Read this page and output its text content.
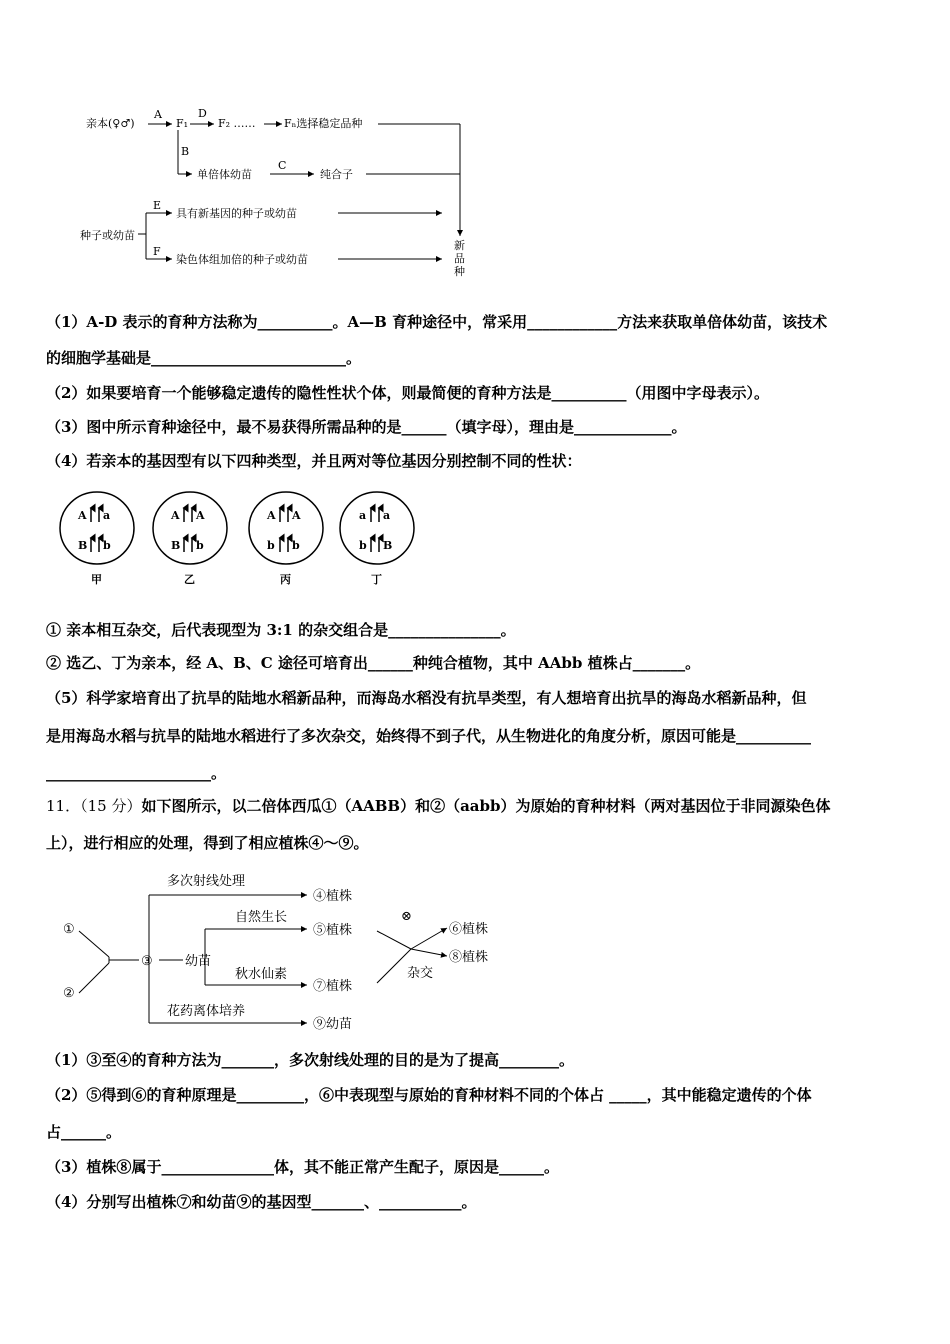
亲本(♀♂)
A
F₁
D
F₂ ……	Fₙ选择稳定品种
B
单倍体幼苗
C
纯合子
种子或幼苗
E
F
具有新基因的种子或幼苗
染色体组加倍的种子或幼苗
新
品
种
（1）A-D 表示的育种方法称为__________。A—B 育种途径中，常采用____________方法来获取单倍体幼苗，该技术
的细胞学基础是__________________________。
（2）如果要培育一个能够稳定遗传的隐性性状个体，则最简便的育种方法是__________（用图中字母表示）。
（3）图中所示育种途径中，最不易获得所需品种的是______（填字母），理由是_____________。
（4）若亲本的基因型有以下四种类型，并且两对等位基因分别控制不同的性状：
A a
B b
甲
A A
B b
乙
A A
b b
丙
a a
b B
丁
① 亲本相互杂交，后代表现型为 3:1 的杂交组合是_______________。
② 选乙、丁为亲本，经 A、B、C 途径可培育出______种纯合植物，其中 AAbb 植株占_______。
（5）科学家培育出了抗旱的陆地水稻新品种，而海岛水稻没有抗旱类型，有人想培育出抗旱的海岛水稻新品种，但
是用海岛水稻与抗旱的陆地水稻进行了多次杂交，始终得不到子代，从生物进化的角度分析，原因可能是__________
______________________。
11．（15 分）如下图所示，以二倍体西瓜①（AABB）和②（aabb）为原始的育种材料（两对基因位于非同源染色体
上），进行相应的处理，得到了相应植株④～⑨。
①
②
③ 幼苗
多次射线处理
④植株
花药离体培养
⑨幼苗
自然生长
⑤植株
秋水仙素
⑦植株
⊗
杂交
⑥植株
⑧植株
（1）③至④的育种方法为_______，多次射线处理的目的是为了提高________。
（2）⑤得到⑥的育种原理是_________，⑥中表现型与原始的育种材料不同的个体占 _____，其中能稳定遗传的个体
占______。
（3）植株⑧属于_______________体，其不能正常产生配子，原因是______。
（4）分别写出植株⑦和幼苗⑨的基因型_______、___________。
